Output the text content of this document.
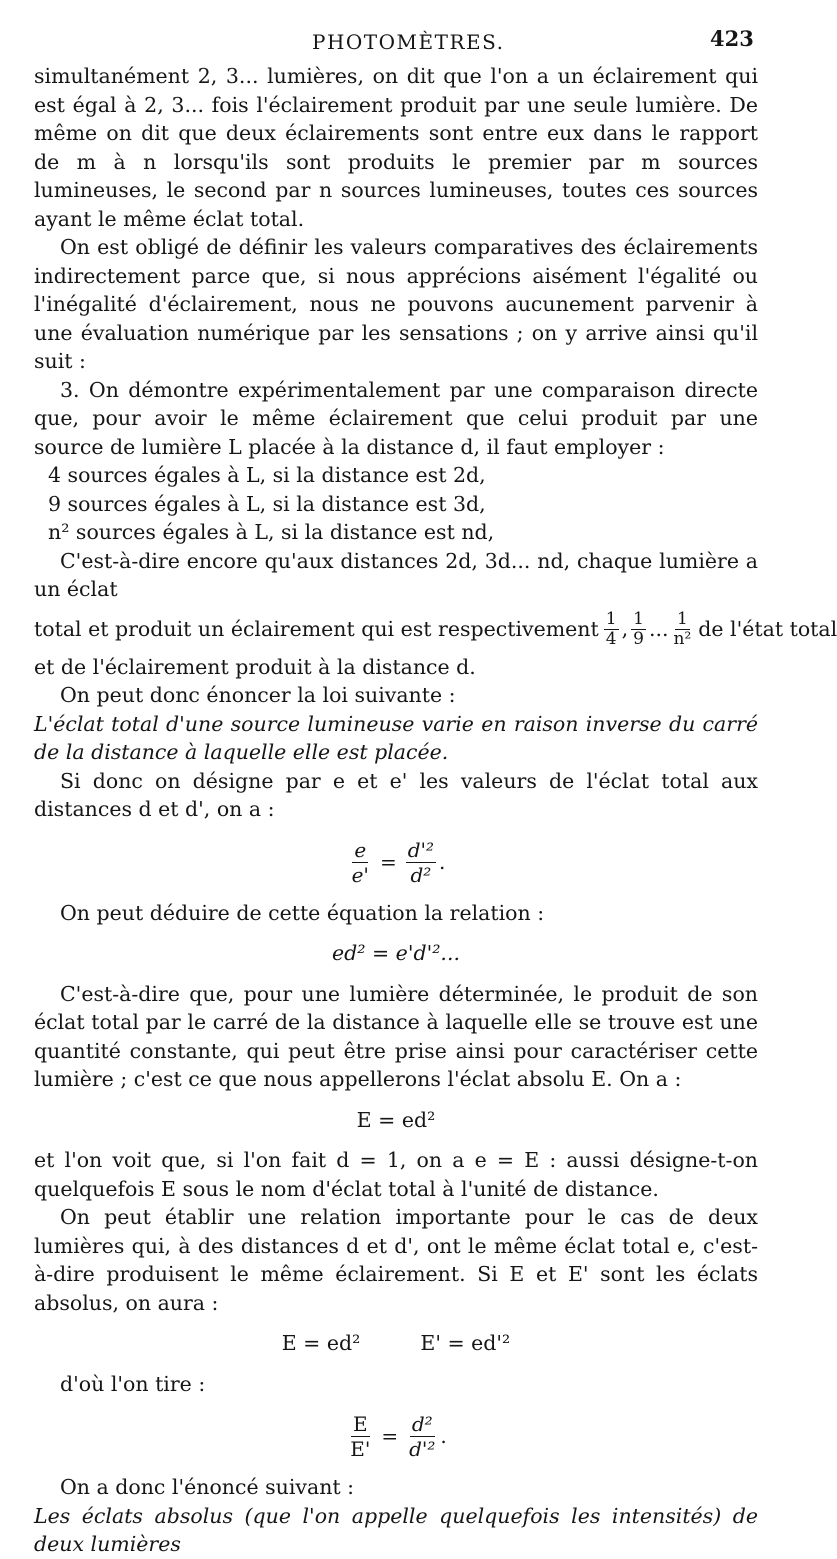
PHOTOMÈTRES.	423

simultanément 2, 3... lumières, on dit que l'on a un éclairement qui est égal à 2, 3... fois l'éclairement produit par une seule lumière. De même on dit que deux éclairements sont entre eux dans le rapport de m à n lorsqu'ils sont produits le premier par m sources lumineuses, le second par n sources lumineuses, toutes ces sources ayant le même éclat total.

On est obligé de définir les valeurs comparatives des éclairements indirectement parce que, si nous apprécions aisément l'égalité ou l'inégalité d'éclairement, nous ne pouvons aucunement parvenir à une évaluation numérique par les sensations ; on y arrive ainsi qu'il suit :

3. On démontre expérimentalement par une comparaison directe que, pour avoir le même éclairement que celui produit par une source de lumière L placée à la distance d, il faut employer :

4 sources égales à L, si la distance est 2d,

9 sources égales à L, si la distance est 3d,

n² sources égales à L, si la distance est nd,

C'est-à-dire encore qu'aux distances 2d, 3d... nd, chaque lumière a un éclat

total et produit un éclairement qui est respectivement $\frac{1}{4}$ , $\frac{1}{9}$ ... $\frac{1}{\text{n²}}$ de l'état total

et de l'éclairement produit à la distance d.

On peut donc énoncer la loi suivante :

L'éclat total d'une source lumineuse varie en raison inverse du carré de la distance à laquelle elle est placée.

Si donc on désigne par e et e' les valeurs de l'éclat total aux distances d et d', on a :

$\frac{e}{e'} = \frac{\text{d'²}}{\text{d²}}$ .

On peut déduire de cette équation la relation :

ed² = e'd'²...

C'est-à-dire que, pour une lumière déterminée, le produit de son éclat total par le carré de la distance à laquelle elle se trouve est une quantité constante, qui peut être prise ainsi pour caractériser cette lumière ; c'est ce que nous appellerons l'éclat absolu E. On a :

E = ed²

et l'on voit que, si l'on fait d = 1, on a e = E : aussi désigne-t-on quelquefois E sous le nom d'éclat total à l'unité de distance.

On peut établir une relation importante pour le cas de deux lumières qui, à des distances d et d', ont le même éclat total e, c'est-à-dire produisent le même éclairement. Si E et E' sont les éclats absolus, on aura :

E = ed²	E' = ed'²

d'où l'on tire :

$\frac{E}{E'} = \frac{\text{d²}}{\text{d'²}}$ .

On a donc l'énoncé suivant :

Les éclats absolus (que l'on appelle quelquefois les intensités) de deux lumières
